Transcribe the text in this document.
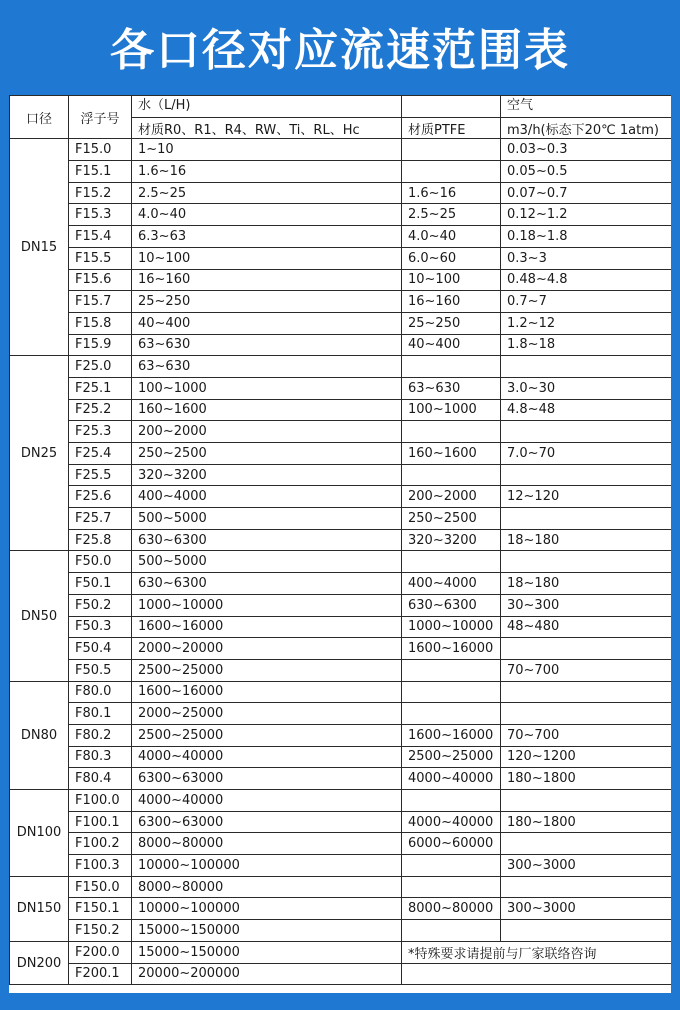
各口径对应流速范围表
口径	浮子号	水（L/H)		空气
		材质R0、R1、R4、RW、Ti、RL、Hc	材质PTFE	m3/h(标态下20℃ 1atm)
DN15	F15.0	1~10		0.03~0.3
	F15.1	1.6~16		0.05~0.5
	F15.2	2.5~25	1.6~16	0.07~0.7
	F15.3	4.0~40	2.5~25	0.12~1.2
	F15.4	6.3~63	4.0~40	0.18~1.8
	F15.5	10~100	6.0~60	0.3~3
	F15.6	16~160	10~100	0.48~4.8
	F15.7	25~250	16~160	0.7~7
	F15.8	40~400	25~250	1.2~12
	F15.9	63~630	40~400	1.8~18
DN25	F25.0	63~630		
	F25.1	100~1000	63~630	3.0~30
	F25.2	160~1600	100~1000	4.8~48
	F25.3	200~2000		
	F25.4	250~2500	160~1600	7.0~70
	F25.5	320~3200		
	F25.6	400~4000	200~2000	12~120
	F25.7	500~5000	250~2500	
	F25.8	630~6300	320~3200	18~180
DN50	F50.0	500~5000		
	F50.1	630~6300	400~4000	18~180
	F50.2	1000~10000	630~6300	30~300
	F50.3	1600~16000	1000~10000	48~480
	F50.4	2000~20000	1600~16000	
	F50.5	2500~25000		70~700
DN80	F80.0	1600~16000		
	F80.1	2000~25000		
	F80.2	2500~25000	1600~16000	70~700
	F80.3	4000~40000	2500~25000	120~1200
	F80.4	6300~63000	4000~40000	180~1800
DN100	F100.0	4000~40000		
	F100.1	6300~63000	4000~40000	180~1800
	F100.2	8000~80000	6000~60000	
	F100.3	10000~100000		300~3000
DN150	F150.0	8000~80000		
	F150.1	10000~100000	8000~80000	300~3000
	F150.2	15000~150000		
DN200	F200.0	15000~150000	*特殊要求请提前与厂家联络咨询	
	F200.1	20000~200000		
